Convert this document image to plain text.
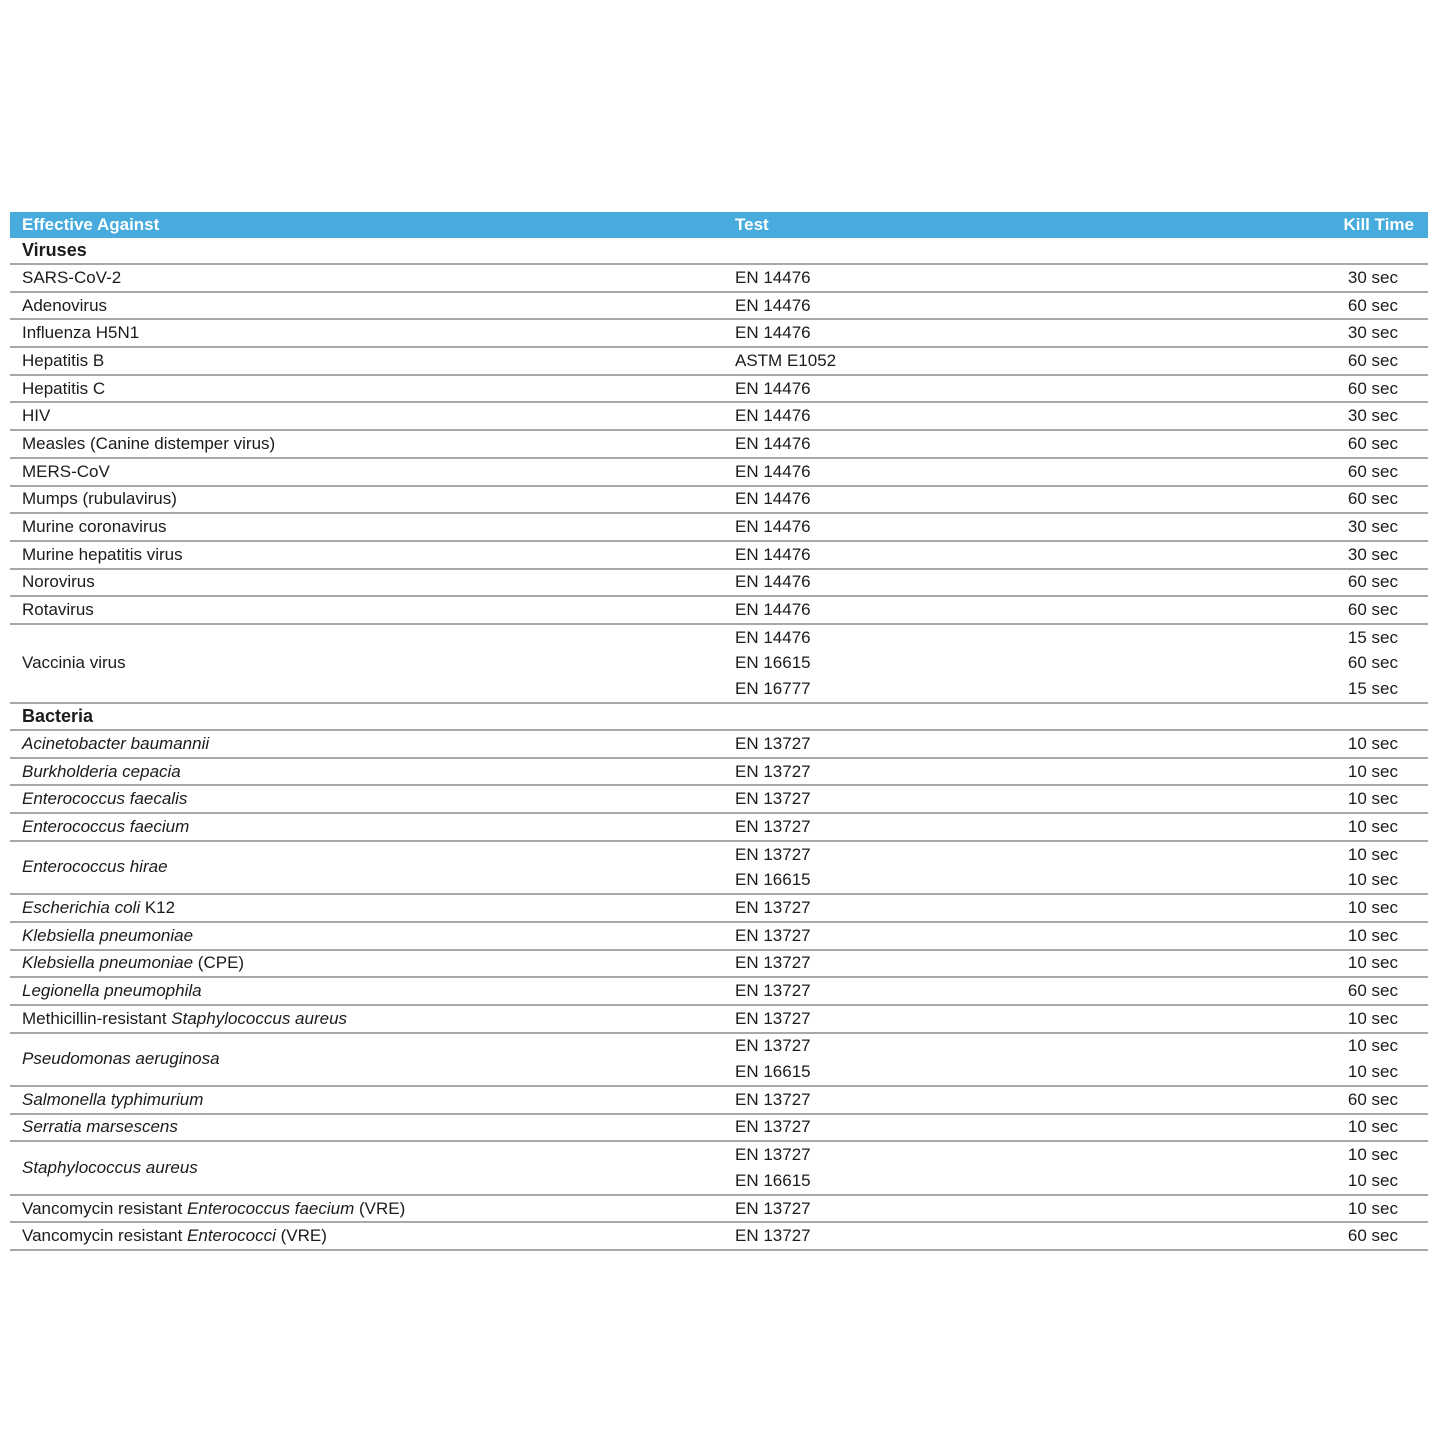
Effective Against	Test	Kill Time
Viruses
SARS-CoV-2	EN 14476	30 sec
Adenovirus	EN 14476	60 sec
Influenza H5N1	EN 14476	30 sec
Hepatitis B	ASTM E1052	60 sec
Hepatitis C	EN 14476	60 sec
HIV	EN 14476	30 sec
Measles (Canine distemper virus)	EN 14476	60 sec
MERS-CoV	EN 14476	60 sec
Mumps (rubulavirus)	EN 14476	60 sec
Murine coronavirus	EN 14476	30 sec
Murine hepatitis virus	EN 14476	30 sec
Norovirus	EN 14476	60 sec
Rotavirus	EN 14476	60 sec
Vaccinia virus
EN 14476	15 sec
EN 16615	60 sec
EN 16777	15 sec
Bacteria
Acinetobacter baumannii	EN 13727	10 sec
Burkholderia cepacia	EN 13727	10 sec
Enterococcus faecalis	EN 13727	10 sec
Enterococcus faecium	EN 13727	10 sec
Enterococcus hirae
EN 13727	10 sec
EN 16615	10 sec
Escherichia coli K12	EN 13727	10 sec
Klebsiella pneumoniae	EN 13727	10 sec
Klebsiella pneumoniae (CPE)	EN 13727	10 sec
Legionella pneumophila	EN 13727	60 sec
Methicillin-resistant Staphylococcus aureus	EN 13727	10 sec
Pseudomonas aeruginosa
EN 13727	10 sec
EN 16615	10 sec
Salmonella typhimurium	EN 13727	60 sec
Serratia marsescens	EN 13727	10 sec
Staphylococcus aureus
EN 13727	10 sec
EN 16615	10 sec
Vancomycin resistant Enterococcus faecium (VRE)	EN 13727	10 sec
Vancomycin resistant Enterococci (VRE)	EN 13727	60 sec
